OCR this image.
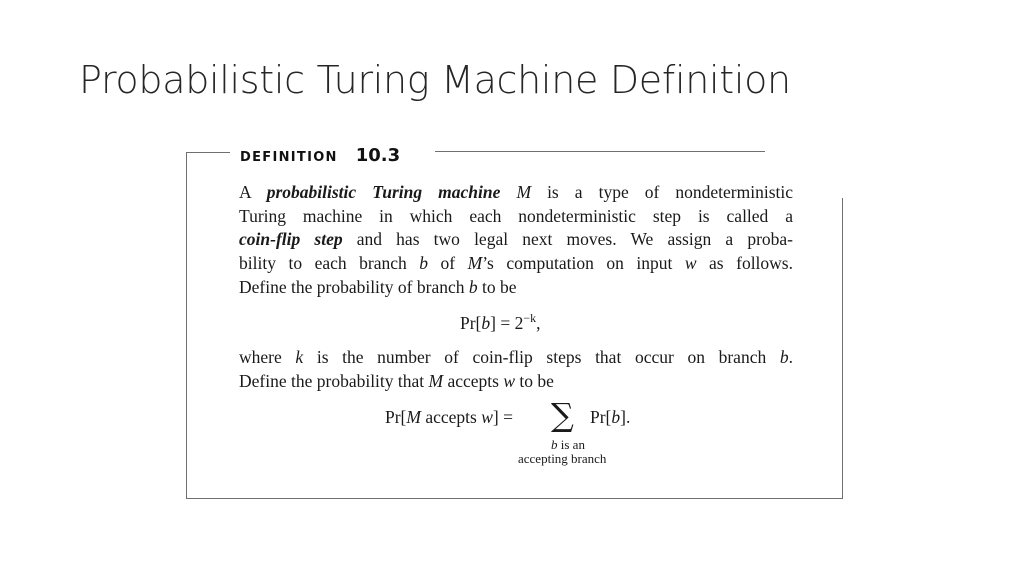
Probabilistic Turing Machine Definition
DEFINITION 10.3
A probabilistic Turing machine M is a type of nondeterministic
Turing machine in which each nondeterministic step is called a
coin-flip step and has two legal next moves. We assign a proba-
bility to each branch b of M’s computation on input w as follows.
Define the probability of branch b to be
$Pr[b] = 2^{-k}$,
where k is the number of coin-flip steps that occur on branch b.
Define the probability that M accepts w to be
Pr[M accepts w] = ∑ Pr[b].
b is an
accepting branch
